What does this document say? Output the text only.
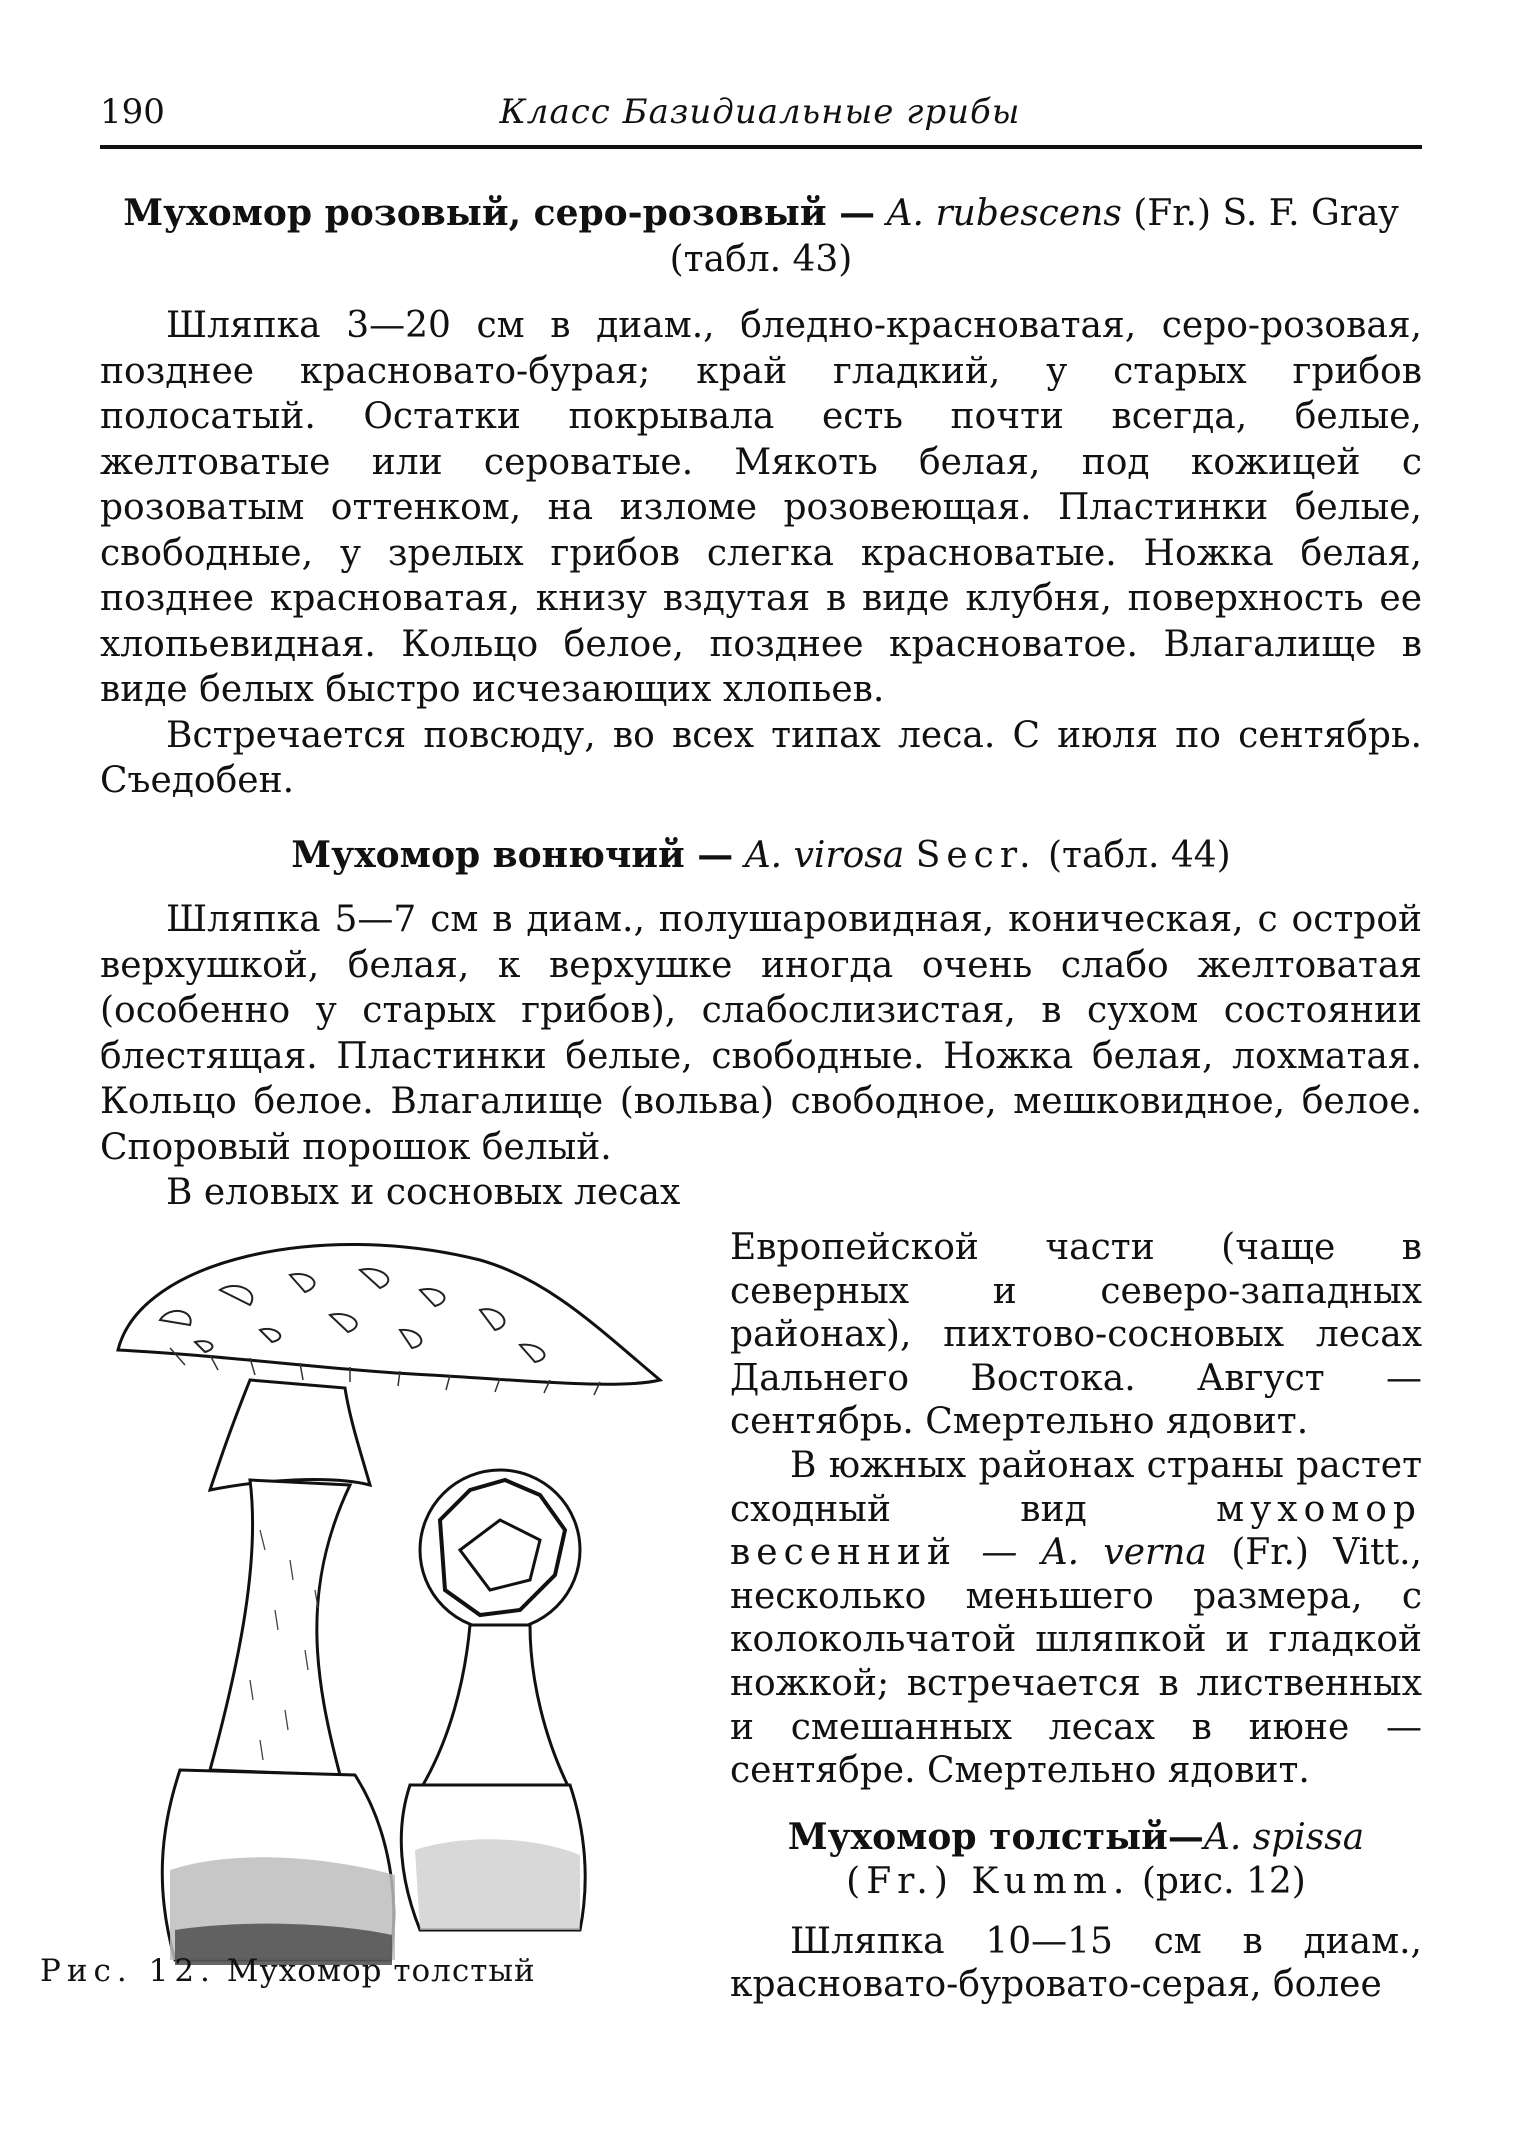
190	Класс Базидиальные грибы
Мухомор розовый, серо-розовый — A. rubescens (Fr.) S. F. Gray
(табл. 43)

Шляпка 3—20 см в диам., бледно-красноватая, серо-розовая, позднее красновато-бурая; край гладкий, у старых грибов полосатый. Остатки покрывала есть почти всегда, белые, желтоватые или сероватые. Мякоть белая, под кожицей с розоватым оттенком, на изломе розовеющая. Пластинки белые, свободные, у зрелых грибов слегка красноватые. Ножка белая, позднее красноватая, книзу вздутая в виде клубня, поверхность ее хлопьевидная. Кольцо белое, позднее красноватое. Влагалище в виде белых быстро исчезающих хлопьев.

Встречается повсюду, во всех типах леса. С июля по сентябрь. Съедобен.

Мухомор вонючий — A. virosa Secr. (табл. 44)

Шляпка 5—7 см в диам., полушаровидная, коническая, с острой верхушкой, белая, к верхушке иногда очень слабо желтоватая (особенно у старых грибов), слабослизистая, в сухом состоянии блестящая. Пластинки белые, свободные. Ножка белая, лохматая. Кольцо белое. Влагалище (вольва) свободное, мешковидное, белое. Споровый порошок белый.

В еловых и сосновых лесах

Рис. 12. Мухомор толстый

Европейской части (чаще в северных и северо-западных районах), пихтово-сосновых лесах Дальнего Востока. Август — сентябрь. Смертельно ядовит.

В южных районах страны растет сходный вид	мухомор весенний — A. verna (Fr.) Vitt., несколько меньшего размера, с колокольчатой шляпкой и гладкой ножкой; встречается в лиственных и смешанных лесах в июне — сентябре. Смертельно ядовит.

Мухомор толстый—A. spissa (Fr.) Kumm. (рис. 12)

Шляпка 10—15 см в диам., красновато-буровато-серая, более
